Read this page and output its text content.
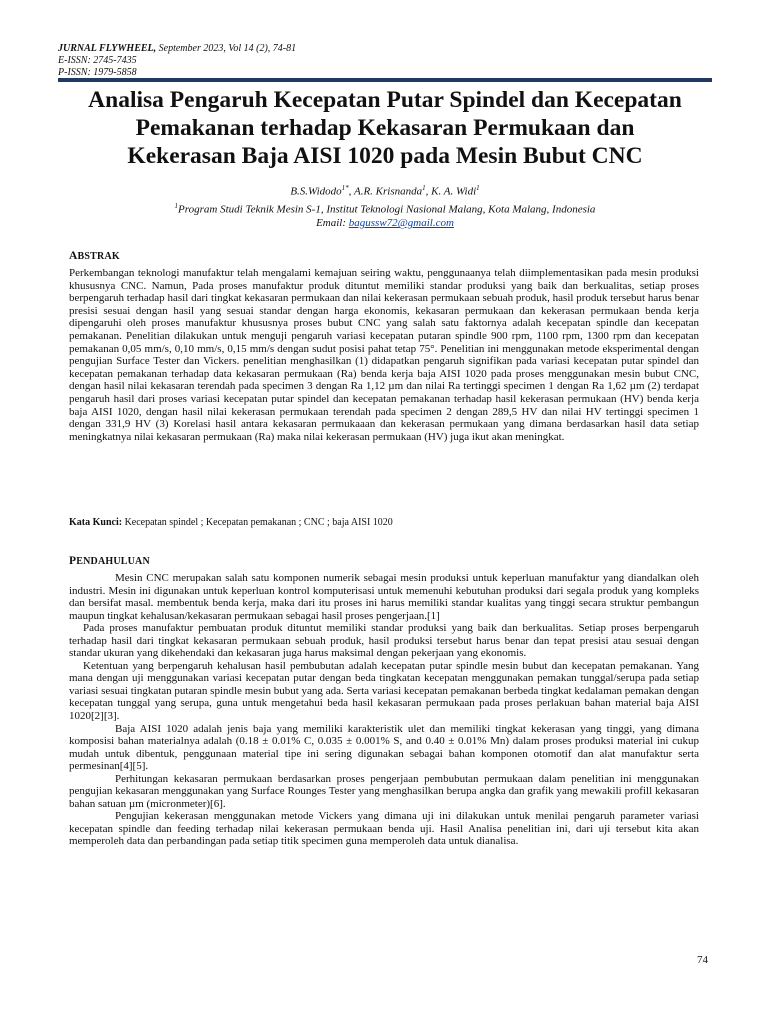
JURNAL FLYWHEEL, September 2023, Vol 14 (2), 74-81
E-ISSN: 2745-7435
P-ISSN: 1979-5858
Analisa Pengaruh Kecepatan Putar Spindel dan Kecepatan
Pemakanan terhadap Kekasaran Permukaan dan
Kekerasan Baja AISI 1020 pada Mesin Bubut CNC
B.S.Widodo$^{1*}$, A.R. Krisnanda$^1$, K. A. Widi$^1$
$^1$Program Studi Teknik Mesin S-1, Institut Teknologi Nasional Malang, Kota Malang, Indonesia
Email: bagussw72@gmail.com
ABSTRAK
Perkembangan teknologi manufaktur telah mengalami kemajuan seiring waktu, penggunaanya telah diimplementasikan pada mesin produksi khususnya CNC. Namun, Pada proses manufaktur produk dituntut memiliki standar produksi yang baik dan berkualitas, setiap proses berpengaruh terhadap hasil dari tingkat kekasaran permukaan dan nilai kekerasan permukaan sebuah produk, hasil produk tersebut harus benar presisi sesuai dengan hasil yang sesuai standar dengan harga ekonomis, kekasaran permukaan dan kekerasan permukaan benda kerja dipengaruhi oleh proses manufaktur khususnya proses bubut CNC yang salah satu faktornya adalah kecepatan spindle dan kecepatan pemakanan. Penelitian dilakukan untuk menguji pengaruh variasi kecepatan putaran spindle 900 rpm, 1100 rpm, 1300 rpm dan kecepatan pemakanan 0,05 mm/s, 0,10 mm/s, 0,15 mm/s dengan sudut posisi pahat tetap 75°. Penelitian ini menggunakan metode eksperimental dengan pengujian Surface Tester dan Vickers. penelitian menghasilkan (1) didapatkan pengaruh signifikan pada variasi kecepatan putar spindel dan kecepatan pemakanan terhadap data kekasaran permukaan (Ra) benda kerja baja AISI 1020 pada proses menggunakan mesin bubut CNC, dengan hasil nilai kekasaran terendah pada specimen 3 dengan Ra 1,12 µm dan nilai Ra tertinggi specimen 1 dengan Ra 1,62 µm (2) terdapat pengaruh hasil dari proses variasi kecepatan putar spindel dan kecepatan pemakanan terhadap hasil kekerasan permukaan (HV) benda kerja baja AISI 1020, dengan hasil nilai kekerasan permukaan terendah pada specimen 2 dengan 289,5 HV dan nilai HV tertinggi specimen 1 dengan 331,9 HV (3) Korelasi hasil antara kekasaran permukaaan dan kekerasan permukaan yang dimana berdasarkan hasil data setiap meningkatnya nilai kekasaran permukaan (Ra) maka nilai kekerasan permukaan (HV) juga ikut akan meningkat.
Kata Kunci: Kecepatan spindel ; Kecepatan pemakanan ; CNC ; baja AISI 1020
PENDAHULUAN

Mesin CNC merupakan salah satu komponen numerik sebagai mesin produksi untuk keperluan manufaktur yang diandalkan oleh industri. Mesin ini digunakan untuk keperluan kontrol komputerisasi untuk memenuhi kebutuhan produksi dari segala produk yang kompleks dan bersifat masal. membentuk benda kerja, maka dari itu proses ini harus memiliki standar kualitas yang tinggi secara struktur pembangun maupun tingkat kehalusan/kekasaran permukaan sebagai hasil proses pengerjaan.[1]

Pada proses manufaktur pembuatan produk dituntut memiliki standar produksi yang baik dan berkualitas. Setiap proses berpengaruh terhadap hasil dari tingkat kekasaran permukaan sebuah produk, hasil produksi tersebut harus benar dan tepat presisi atau sesuai dengan standar ukuran yang dikehendaki dan kekasaran juga harus maksimal dengan pekerjaan yang ekonomis.

Ketentuan yang berpengaruh kehalusan hasil pembubutan adalah kecepatan putar spindle mesin bubut dan kecepatan pemakanan. Yang mana dengan uji menggunakan variasi kecepatan putar dengan beda tingkatan kecepatan menggunakan pemakan tunggal/serupa pada setiap variasi sesuai tingkatan putaran spindle mesin bubut yang ada. Serta variasi kecepatan pemakanan berbeda tingkat kedalaman pemakan dengan kecepatan tunggal yang serupa, guna untuk mengetahui beda hasil kekasaran permukaan pada proses perlakuan bahan material baja AISI 1020[2][3].

Baja AISI 1020 adalah jenis baja yang memiliki karakteristik ulet dan memiliki tingkat kekerasan yang tinggi, yang dimana komposisi bahan materialnya adalah (0.18 ± 0.01% C, 0.035 ± 0.001% S, and 0.40 ± 0.01% Mn) dalam proses produksi material ini cukup mudah untuk dibentuk, penggunaan material tipe ini sering digunakan sebagai bahan komponen otomotif dan alat manufaktur serta permesinan[4][5].

Perhitungan kekasaran permukaan berdasarkan proses pengerjaan pembubutan permukaan dalam penelitian ini menggunakan pengujian kekasaran menggunakan yang Surface Rounges Tester yang menghasilkan berupa angka dan grafik yang mewakili profill kekasaran bahan satuan µm (micronmeter)[6].

Pengujian kekerasan menggunakan metode Vickers yang dimana uji ini dilakukan untuk menilai pengaruh parameter variasi kecepatan spindle dan feeding terhadap nilai kekerasan permukaan benda uji. Hasil Analisa penelitian ini, dari uji tersebut kita akan memperoleh data dan perbandingan pada setiap titik specimen guna memperoleh data untuk dianalisa.

74
